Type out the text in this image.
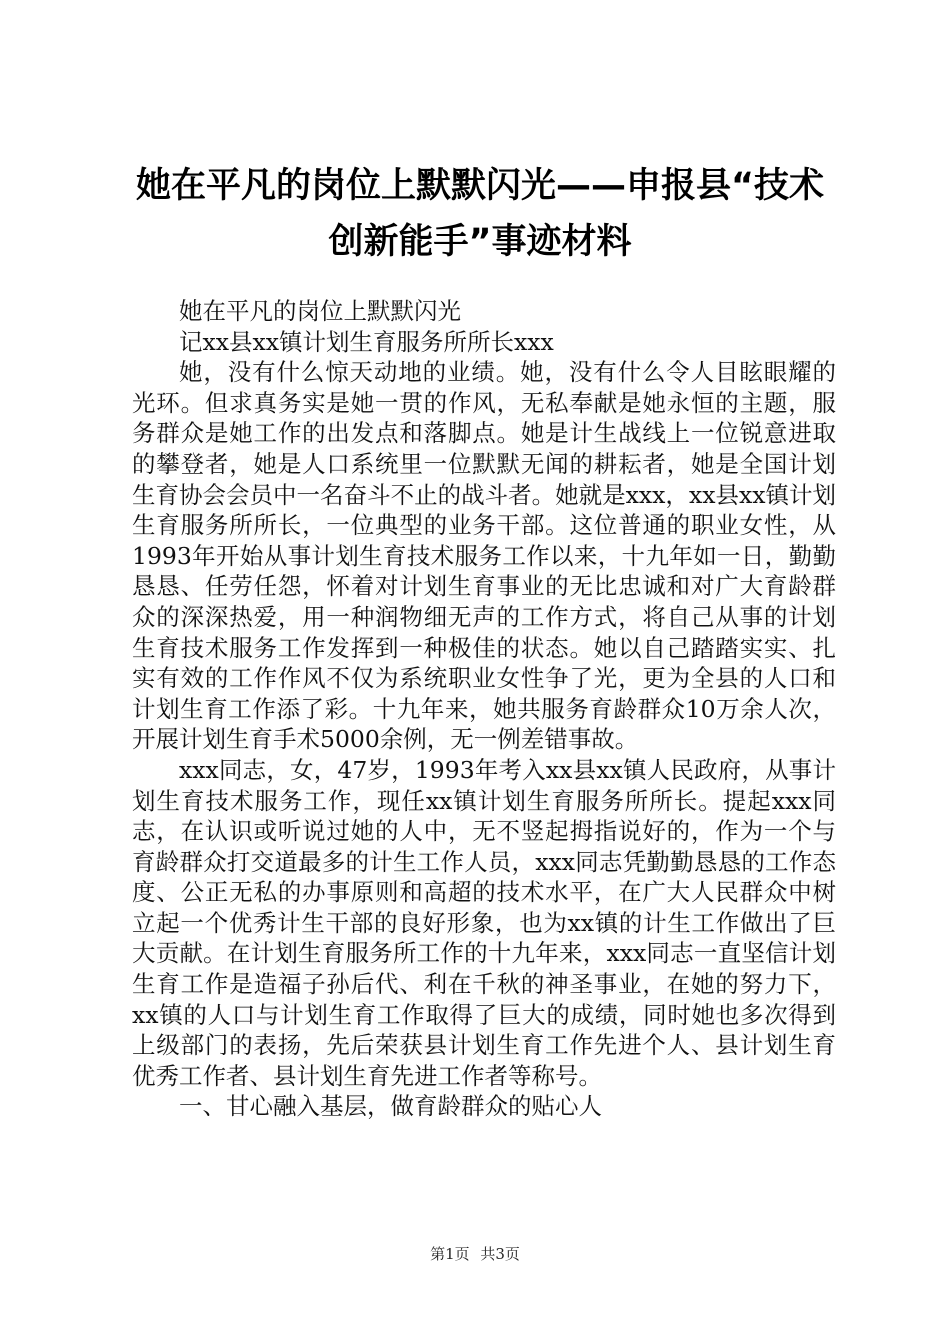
她在平凡的岗位上默默闪光——申报县“技术创新能手”事迹材料

她在平凡的岗位上默默闪光

记xx县xx镇计划生育服务所所长xxx

她，没有什么惊天动地的业绩。她，没有什么令人目眩眼耀的光环。但求真务实是她一贯的作风，无私奉献是她永恒的主题，服务群众是她工作的出发点和落脚点。她是计生战线上一位锐意进取的攀登者，她是人口系统里一位默默无闻的耕耘者，她是全国计划生育协会会员中一名奋斗不止的战斗者。她就是xxx，xx县xx镇计划生育服务所所长，一位典型的业务干部。这位普通的职业女性，从1993年开始从事计划生育技术服务工作以来，十九年如一日，勤勤恳恳、任劳任怨，怀着对计划生育事业的无比忠诚和对广大育龄群众的深深热爱，用一种润物细无声的工作方式，将自己从事的计划生育技术服务工作发挥到一种极佳的状态。她以自己踏踏实实、扎实有效的工作作风不仅为系统职业女性争了光，更为全县的人口和计划生育工作添了彩。十九年来，她共服务育龄群众10万余人次，开展计划生育手术5000余例，无一例差错事故。

xxx同志，女，47岁，1993年考入xx县xx镇人民政府，从事计划生育技术服务工作，现任xx镇计划生育服务所所长。提起xxx同志，在认识或听说过她的人中，无不竖起拇指说好的，作为一个与育龄群众打交道最多的计生工作人员，xxx同志凭勤勤恳恳的工作态度、公正无私的办事原则和高超的技术水平，在广大人民群众中树立起一个优秀计生干部的良好形象，也为xx镇的计生工作做出了巨大贡献。在计划生育服务所工作的十九年来，xxx同志一直坚信计划生育工作是造福子孙后代、利在千秋的神圣事业，在她的努力下，xx镇的人口与计划生育工作取得了巨大的成绩，同时她也多次得到上级部门的表扬，先后荣获县计划生育工作先进个人、县计划生育优秀工作者、县计划生育先进工作者等称号。

一、甘心融入基层，做育龄群众的贴心人

第1页 共3页
